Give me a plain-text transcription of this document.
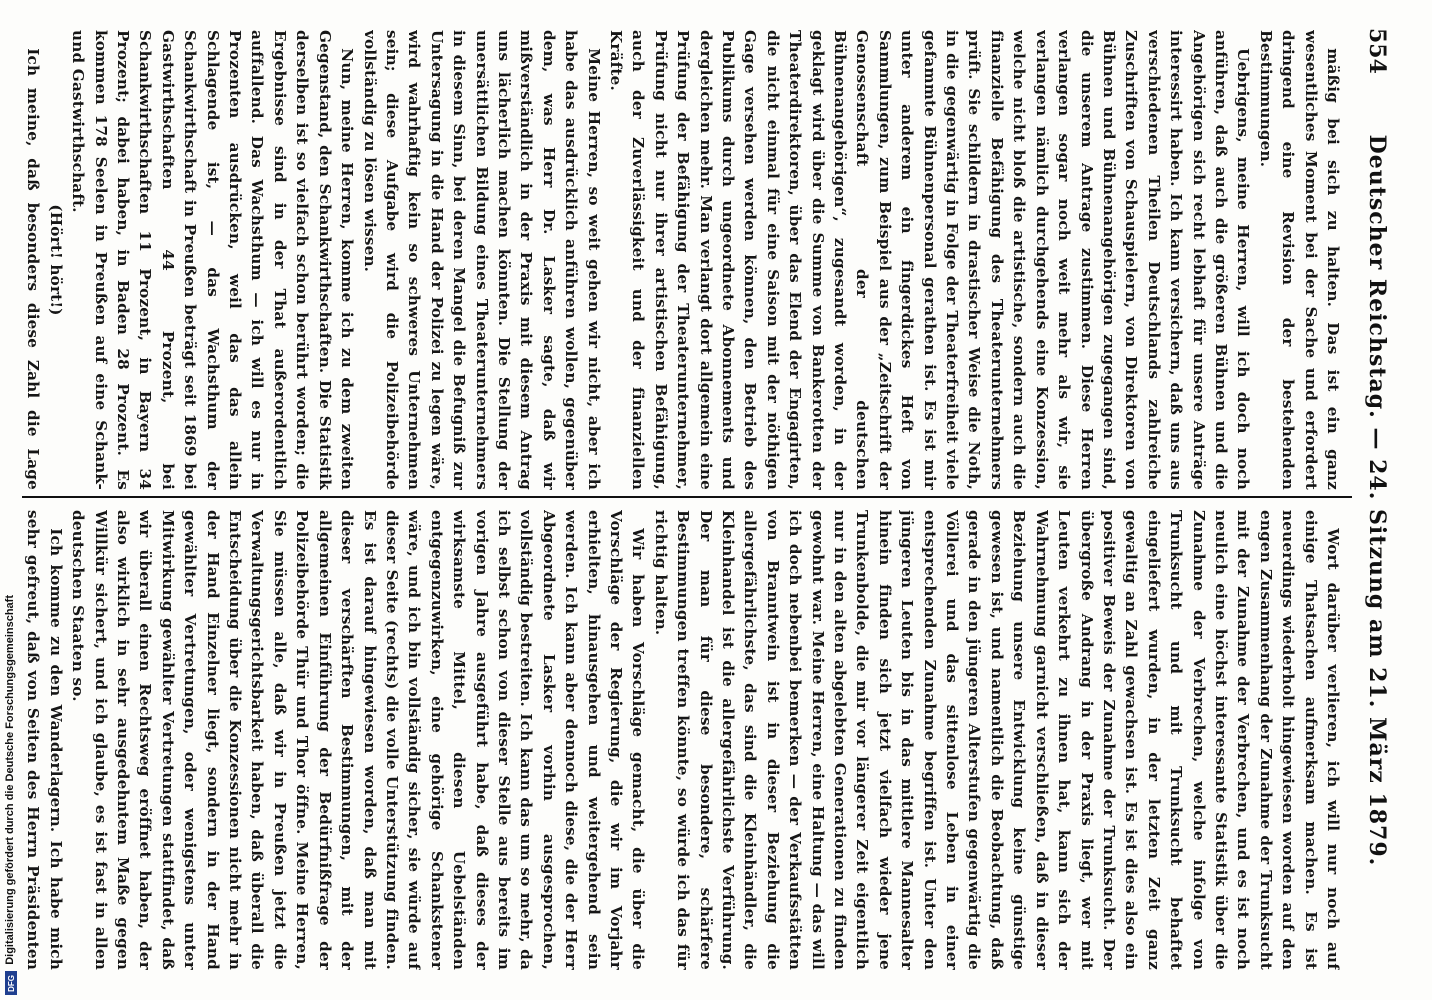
554
Deutscher Reichstag. — 24. Sitzung am 21. März 1879.

mäßig bei sich zu halten. Das ist ein ganz wesentliches Moment bei der Sache und erfordert dringend eine Revision der bestehenden Bestimmungen.

Uebrigens, meine Herren, will ich doch noch anführen, daß auch die größeren Bühnen und die Angehörigen sich recht lebhaft für unsere Anträge interessirt haben. Ich kann versichern, daß uns aus verschiedenen Theilen Deutschlands zahlreiche Zuschriften von Schauspielern, von Direktoren von Bühnen und Bühnenangehörigen zugegangen sind, die unserem Antrage zustimmen. Diese Herren verlangen sogar noch weit mehr als wir, sie verlangen nämlich durchgehends eine Konzession, welche nicht bloß die artistische, sondern auch die finanzielle Befähigung des Theaterunternehmers prüft. Sie schildern in drastischer Weise die Noth, in die gegenwärtig in Folge der Theaterfreiheit viele gefammte Bühnenpersonal gerathen ist. Es ist mir unter anderem ein fingerdickes Heft von Sammlungen, zum Beispiel aus der „Zeitschrift der Genossenschaft der deutschen Bühnenangehörigen“, zugesandt worden, in der geklagt wird über die Summe von Bankerotten der Theaterdirektoren, über das Elend der Engagirten, die nicht einmal für eine Saison mit der nöthigen Gage versehen werden können, den Betrieb des Publikums durch ungeordnete Abonnements und dergleichen mehr. Man verlangt dort allgemein eine Prüfung der Befähigung der Theaterunternehmer, Prüfung nicht nur ihrer artistischen Befähigung, auch der Zuverlässigkeit und der finanziellen Kräfte.

Meine Herren, so weit gehen wir nicht, aber ich habe das ausdrücklich anführen wollen, gegenüber dem, was Herr Dr. Lasker sagte, daß wir mißverständlich in der Praxis mit diesem Antrag uns lächerlich machen könnten. Die Stellung der unersättlichen Bildung eines Theaterunternehmers in diesem Sinn, bei deren Mangel die Befugniß zur Untersagung in die Hand der Polizei zu legen wäre, wird wahrhaftig kein so schweres Unternehmen sein; diese Aufgabe wird die Polizeibehörde vollständig zu lösen wissen.

Nun, meine Herren, komme ich zu dem zweiten Gegenstand, den Schankwirthschaften. Die Statistik derselben ist so vielfach schon berührt worden; die Ergebnisse sind in der That außerordentlich auffallend. Das Wachsthum — ich will es nur in Prozenten ausdrücken, weil das das allein Schlagende ist, — das Wachsthum der Schankwirthschaft in Preußen beträgt seit 1869 bei Gastwirthschaften 44 Prozent, bei Schankwirthschaften 11 Prozent, in Bayern 34 Prozent; dabei haben, in Baden 28 Prozent. Es kommen 178 Seelen in Preußen auf eine Schank- und Gastwirthschaft.

(Hört! hört!)

Ich meine, daß besonders diese Zahl die Lage

Wort darüber verlieren, ich will nur noch auf einige Thatsachen aufmerksam machen. Es ist neuerdings wiederholt hingewiesen worden auf den engen Zusammenhang der Zunahme der Trunksucht mit der Zunahme der Verbrechen, und es ist noch neulich eine höchst interessante Statistik über die Zunahme der Verbrechen, welche infolge von Trunksucht und mit Trunksucht behaftet eingeliefert wurden, in der letzten Zeit ganz gewaltig an Zahl gewachsen ist. Es ist dies also ein positiver Beweis der Zunahme der Trunksucht. Der übergroße Andrang in der Praxis liegt, wer mit Leuten verkehrt zu ihnen hat, kann sich der Wahrnehmung garnicht verschließen, daß in dieser Beziehung unsere Entwicklung keine günstige gewesen ist, und namentlich die Beobachtung, daß gerade in den jüngeren Alterstufen gegenwärtig die Völlerei und das sittenlose Leben in einer entsprechenden Zunahme begriffen ist. Unter den jüngeren Leuten bis in das mittlere Mannesalter hinein finden sich jetzt vielfach wieder jene Trunkenbolde, die mir vor längerer Zeit eigentlich nur in den alten abgelebten Generationen zu finden gewohnt war. Meine Herren, eine Haltung — das will ich doch nebenbei bemerken — der Verkaufsstätten von Branntwein ist in dieser Beziehung die allergefährlichste, das sind die Kleinhändler, die Kleinhandel ist die allergefährlichste Verführung. Der man für diese besondere, schärfere Bestimmungen treffen könnte, so würde ich das für richtig halten.

Wir haben Vorschläge gemacht, die über die Vorschläge der Regierung, die wir im Vorjahr erhielten, hinausgehen und weitergehend sein werden. Ich kann aber dennoch diese, die der Herr Abgeordnete Lasker vorhin ausgesprochen, vollständig bestreiten. Ich kann das um so mehr, da ich selbst schon von dieser Stelle aus bereits im vorigen Jahre ausgeführt habe, daß dieses der wirksamste Mittel, diesen Uebelständen entgegenzuwirken, eine gehörige Schankstener wäre, und ich bin vollständig sicher, sie würde auf dieser Seite (rechts) die volle Unterstützung finden. Es ist darauf hingewiesen worden, daß man mit dieser verschärften Bestimmungen, mit der allgemeinen Einführung der Bedürfnißfrage der Polizeibehörde Thür und Thor öffne. Meine Herren, Sie müssen alle, daß wir in Preußen jetzt die Verwaltungsgerichtsbarkeit haben, daß überall die Entscheidung über die Konzessionen nicht mehr in der Hand Einzelner liegt, sondern in der Hand gewählter Vertretungen, oder wenigstens unter Mitwirkung gewählter Vertretungen stattfindet, daß wir überall einen Rechtsweg eröffnet haben, der also wirklich in sehr ausgedehntem Maße gegen Willkür sichert, und ich glaube, es ist fast in allen deutschen Staaten so.

Ich komme zu den Wanderlagern. Ich habe mich sehr gefreut, daß von Seiten des Herrn Präsidenten

Digitalisierung gefördert durch die Deutsche Forschungsgemeinschaft
DFG
